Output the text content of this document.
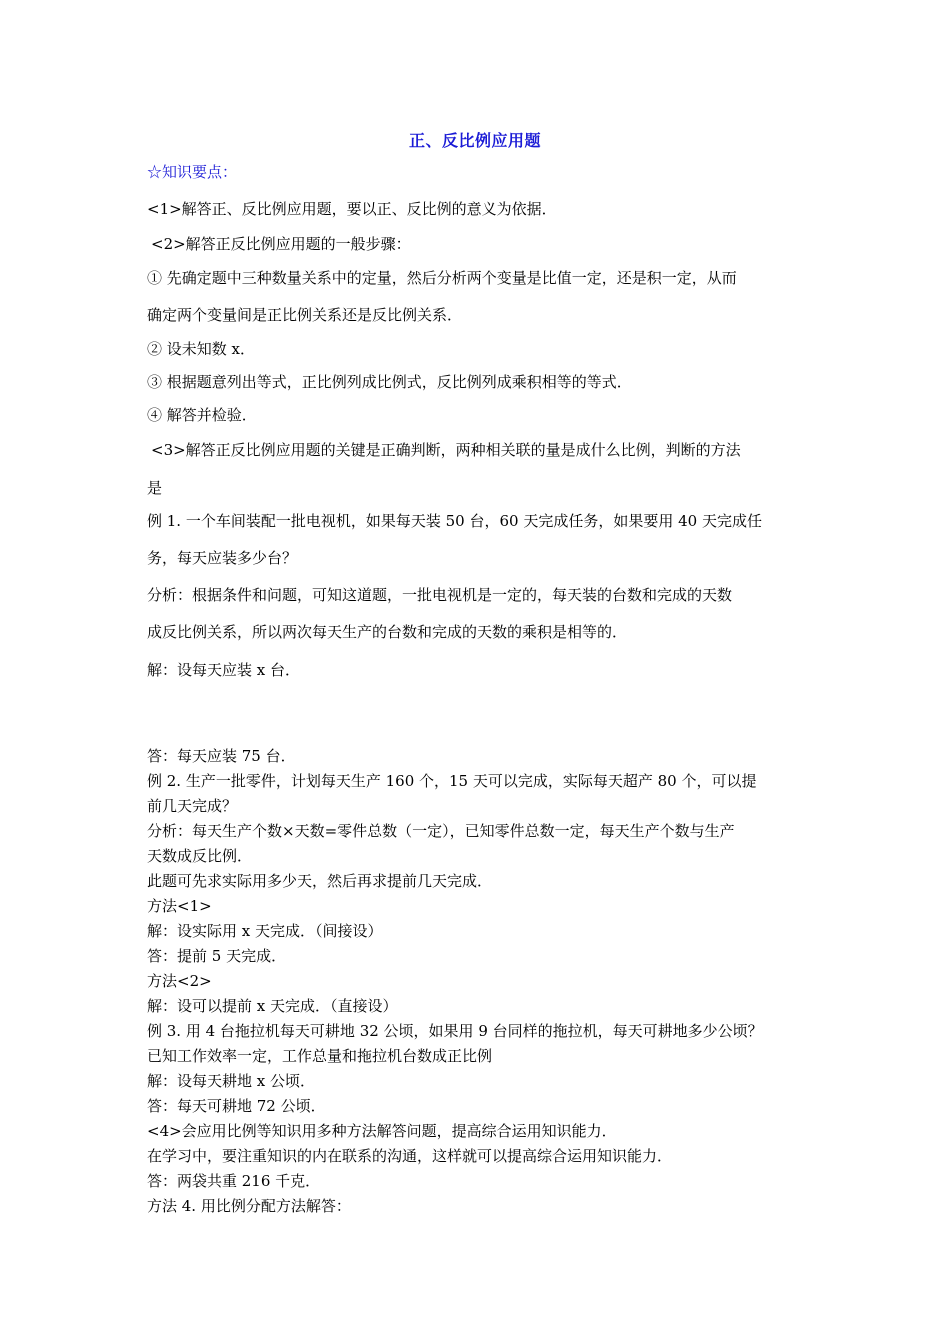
正、反比例应用题
☆知识要点：
<1>解答正、反比例应用题，要以正、反比例的意义为依据．
<2>解答正反比例应用题的一般步骤：
① 先确定题中三种数量关系中的定量，然后分析两个变量是比值一定，还是积一定，从而
确定两个变量间是正比例关系还是反比例关系．
② 设未知数 x．
③ 根据题意列出等式，正比例列成比例式，反比例列成乘积相等的等式．
④ 解答并检验．
<3>解答正反比例应用题的关键是正确判断，两种相关联的量是成什么比例，判断的方法
是
例 1. 一个车间装配一批电视机，如果每天装 50 台，60 天完成任务，如果要用 40 天完成任
务，每天应装多少台？
分析：根据条件和问题，可知这道题，一批电视机是一定的，每天装的台数和完成的天数
成反比例关系，所以两次每天生产的台数和完成的天数的乘积是相等的．
解：设每天应装 x 台．
答：每天应装 75 台．
例 2. 生产一批零件，计划每天生产 160 个，15 天可以完成，实际每天超产 80 个，可以提
前几天完成？
分析：每天生产个数×天数=零件总数（一定），已知零件总数一定，每天生产个数与生产
天数成反比例．
此题可先求实际用多少天，然后再求提前几天完成．
方法<1>
解：设实际用 x 天完成．（间接设）
答：提前 5 天完成．
方法<2>
解：设可以提前 x 天完成．（直接设）
例 3. 用 4 台拖拉机每天可耕地 32 公顷，如果用 9 台同样的拖拉机，每天可耕地多少公顷？
已知工作效率一定，工作总量和拖拉机台数成正比例
解：设每天耕地 x 公顷．
答：每天可耕地 72 公顷．
<4>会应用比例等知识用多种方法解答问题，提高综合运用知识能力．
在学习中，要注重知识的内在联系的沟通，这样就可以提高综合运用知识能力．
答：两袋共重 216 千克．
方法 4. 用比例分配方法解答：
